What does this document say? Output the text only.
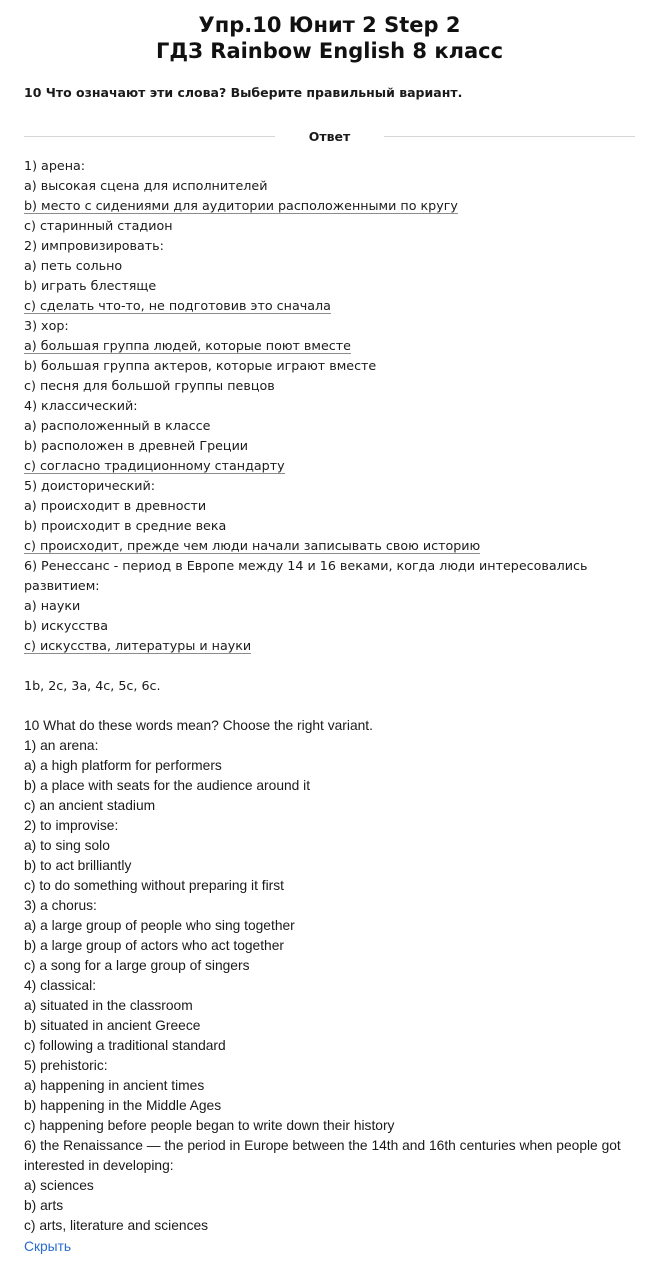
Упр.10 Юнит 2 Step 2
ГДЗ Rainbow English 8 класс
10 Что означают эти слова? Выберите правильный вариант.
Ответ
1) арена:
a) высокая сцена для исполнителей
b) место с сидениями для аудитории расположенными по кругу
c) старинный стадион
2) импровизировать:
a) петь сольно
b) играть блестяще
c) сделать что-то, не подготовив это сначала
3) хор:
a) большая группа людей, которые поют вместе
b) большая группа актеров, которые играют вместе
c) песня для большой группы певцов
4) классический:
a) расположенный в классе
b) расположен в древней Греции
c) согласно традиционному стандарту
5) доисторический:
a) происходит в древности
b) происходит в средние века
c) происходит, прежде чем люди начали записывать свою историю
6) Ренессанс - период в Европе между 14 и 16 веками, когда люди интересовались развитием:
a) науки
b) искусства
c) искусства, литературы и науки
1b, 2c, 3a, 4c, 5c, 6c.
10 What do these words mean? Choose the right variant.
1) an arena:
a) a high platform for performers
b) a place with seats for the audience around it
c) an ancient stadium
2) to improvise:
a) to sing solo
b) to act brilliantly
c) to do something without preparing it first
3) a chorus:
a) a large group of people who sing together
b) a large group of actors who act together
c) a song for a large group of singers
4) classical:
a) situated in the classroom
b) situated in ancient Greece
c) following a traditional standard
5) prehistoric:
a) happening in ancient times
b) happening in the Middle Ages
c) happening before people began to write down their history
6) the Renaissance — the period in Europe between the 14th and 16th centuries when people got interested in developing:
a) sciences
b) arts
c) arts, literature and sciences
Скрыть
